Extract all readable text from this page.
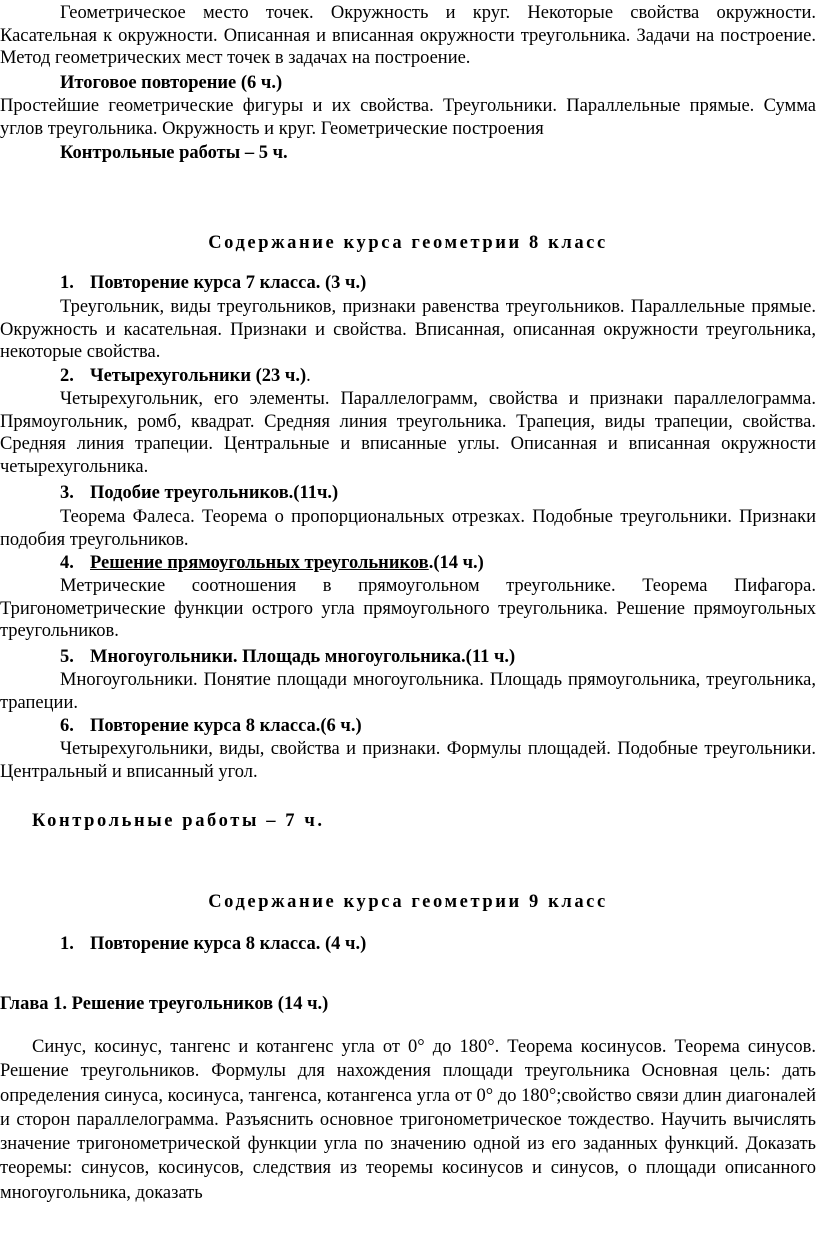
Геометрическое место точек. Окружность и круг. Некоторые свойства окружности. Касательная к окружности. Описанная и вписанная окружности треугольника. Задачи на построение. Метод геометрических мест точек в задачах на построение.

Итоговое повторение (6 ч.)

Простейшие геометрические фигуры и их свойства. Треугольники. Параллельные прямые. Сумма углов треугольника. Окружность и круг. Геометрические построения

Контрольные работы – 5 ч.
Содержание курса геометрии 8 класс
1. Повторение курса 7 класса. (3 ч.)

Треугольник, виды треугольников, признаки равенства треугольников. Параллельные прямые. Окружность и касательная. Признаки и свойства. Вписанная, описанная окружности треугольника, некоторые свойства.

2. Четырехугольники (23 ч.).

Четырехугольник, его элементы. Параллелограмм, свойства и признаки параллелограмма. Прямоугольник, ромб, квадрат. Средняя линия треугольника. Трапеция, виды трапеции, свойства. Средняя линия трапеции. Центральные и вписанные углы. Описанная и вписанная окружности четырехугольника.

3. Подобие треугольников.(11ч.)

Теорема Фалеса. Теорема о пропорциональных отрезках. Подобные треугольники. Признаки подобия треугольников.

4. Решение прямоугольных треугольников.(14 ч.)

Метрические соотношения в прямоугольном треугольнике. Теорема Пифагора. Тригонометрические функции острого угла прямоугольного треугольника. Решение прямоугольных треугольников.

5. Многоугольники. Площадь многоугольника.(11 ч.)

Многоугольники. Понятие площади многоугольника. Площадь прямоугольника, треугольника, трапеции.

6. Повторение курса 8 класса.(6 ч.)

Четырехугольники, виды, свойства и признаки. Формулы площадей. Подобные треугольники. Центральный и вписанный угол.

Контрольные работы – 7 ч.
Содержание курса геометрии 9 класс
1. Повторение курса 8 класса. (4 ч.)
Глава 1. Решение треугольников (14 ч.)

Синус, косинус, тангенс и котангенс угла от 0° до 180°. Теорема косинусов. Теорема синусов. Решение треугольников. Формулы для нахождения площади треугольника Основная цель: дать определения синуса, косинуса, тангенса, котангенса угла от 0° до 180°;свойство связи длин диагоналей и сторон параллелограмма. Разъяснить основное тригонометрическое тождество. Научить вычислять значение тригонометрической функции угла по значению одной из его заданных функций. Доказать теоремы: синусов, косинусов, следствия из теоремы косинусов и синусов, о площади описанного многоугольника, доказать
